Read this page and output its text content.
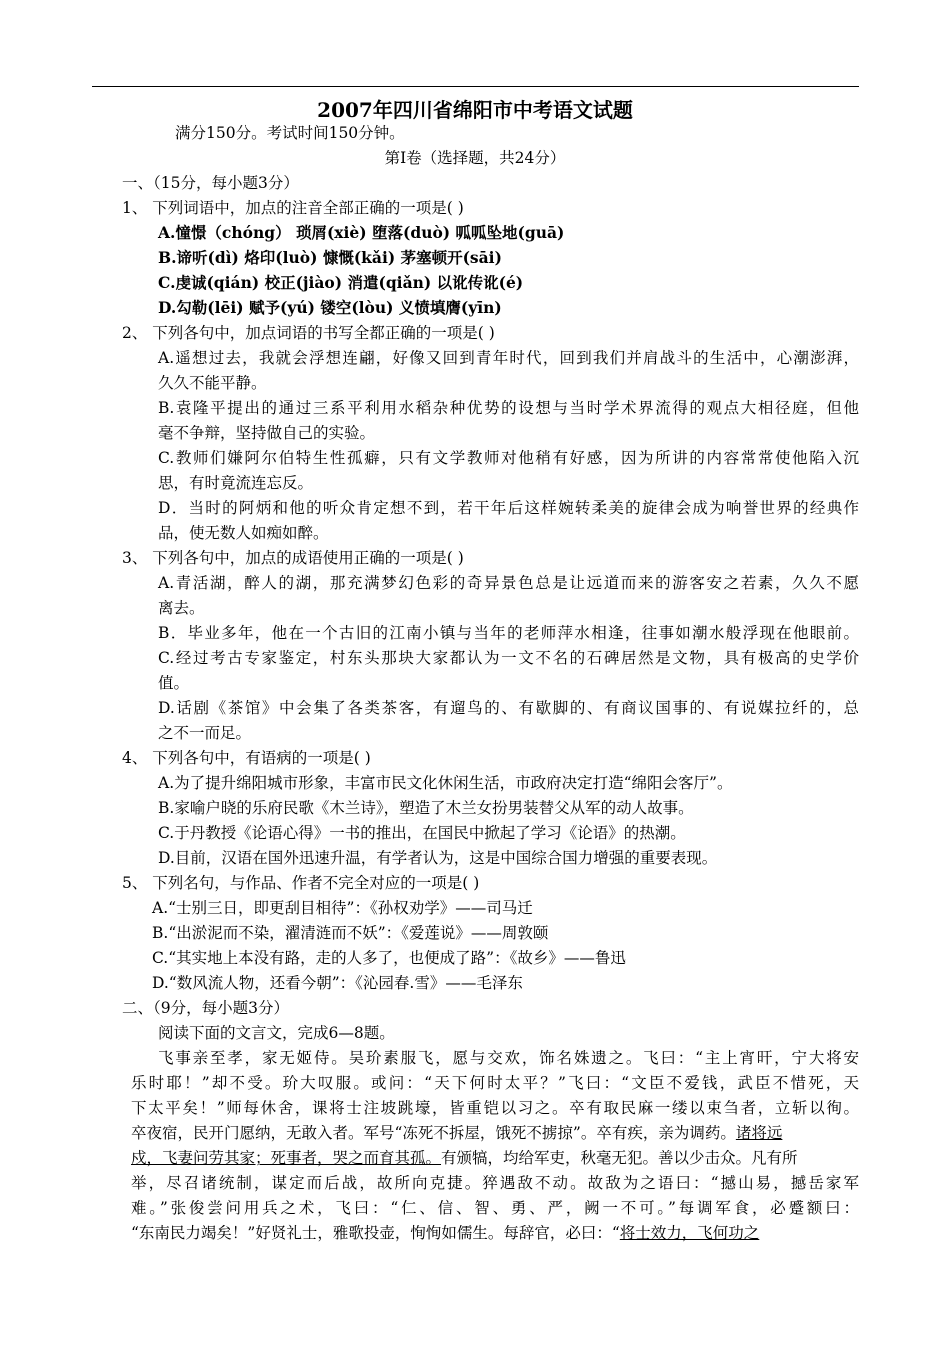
2007年四川省绵阳市中考语文试题
满分150分。考试时间150分钟。
第Ⅰ卷（选择题，共24分）
一、（15分，每小题3分）
1、 下列词语中，加点的注音全部正确的一项是( )
A.憧憬（chóng） 琐屑(xiè) 堕落(duò) 呱呱坠地(guā)
B.谛听(dì) 烙印(luò) 慷慨(kǎi) 茅塞顿开(sāi)
C.虔诚(qián) 校正(jiào) 消遣(qiǎn) 以讹传讹(é)
D.勾勒(lēi) 赋予(yú) 镂空(lòu) 义愤填膺(yīn)
2、 下列各句中，加点词语的书写全都正确的一项是( )
A.遥想过去，我就会浮想连翩，好像又回到青年时代，回到我们并肩战斗的生活中，心潮澎湃，
久久不能平静。
B.袁隆平提出的通过三系平利用水稻杂种优势的设想与当时学术界流得的观点大相径庭，但他
毫不争辩，坚持做自己的实验。
C.教师们嫌阿尔伯特生性孤癖，只有文学教师对他稍有好感，因为所讲的内容常常使他陷入沉
思，有时竟流连忘反。
D．当时的阿炳和他的听众肯定想不到，若干年后这样婉转柔美的旋律会成为响誉世界的经典作
品，使无数人如痴如醉。
3、 下列各句中，加点的成语使用正确的一项是( )
A.青活湖，醉人的湖，那充满梦幻色彩的奇异景色总是让远道而来的游客安之若素，久久不愿
离去。
B．毕业多年，他在一个古旧的江南小镇与当年的老师萍水相逢，往事如潮水般浮现在他眼前。
C.经过考古专家鉴定，村东头那块大家都认为一文不名的石碑居然是文物，具有极高的史学价
值。
D.话剧《茶馆》中会集了各类茶客，有遛鸟的、有歇脚的、有商议国事的、有说媒拉纤的，总
之不一而足。
4、 下列各句中，有语病的一项是( )
A.为了提升绵阳城市形象，丰富市民文化休闲生活，市政府决定打造“绵阳会客厅”。
B.家喻户晓的乐府民歌《木兰诗》，塑造了木兰女扮男装替父从军的动人故事。
C.于丹教授《论语心得》一书的推出，在国民中掀起了学习《论语》的热潮。
D.目前，汉语在国外迅速升温，有学者认为，这是中国综合国力增强的重要表现。
5、 下列名句，与作品、作者不完全对应的一项是( )
A.“士别三日，即更刮目相待”：《孙权劝学》——司马迁
B.“出淤泥而不染，濯清涟而不妖”：《爱莲说》——周敦颐
C.“其实地上本没有路，走的人多了，也便成了路”：《故乡》——鲁迅
D.“数风流人物，还看今朝”：《沁园春.雪》——毛泽东
二、（9分，每小题3分）
阅读下面的文言文，完成6—8题。
飞事亲至孝，家无姬侍。吴玠素服飞，愿与交欢，饰名姝遗之。飞曰：“主上宵旰，宁大将安
乐时耶！”却不受。玠大叹服。或问：“天下何时太平？”飞曰：“文臣不爱钱，武臣不惜死，天
下太平矣！”师每休舍，课将士注坡跳壕，皆重铠以习之。卒有取民麻一缕以束刍者，立斩以徇。
卒夜宿，民开门愿纳，无敢入者。军号“冻死不拆屋，饿死不掳掠”。卒有疾，亲为调药。诸将远
戍，飞妻问劳其家；死事者，哭之而育其孤。有颁犒，均给军吏，秋毫无犯。善以少击众。凡有所
举，尽召诸统制，谋定而后战，故所向克捷。猝遇敌不动。故敌为之语曰：“撼山易，撼岳家军
难。”张俊尝问用兵之术，飞曰：“仁、信、智、勇、严，阙一不可。”每调军食，必蹙额曰：
“东南民力竭矣！”好贤礼士，雅歌投壶，恂恂如儒生。每辞官，必曰：“将士效力，飞何功之
